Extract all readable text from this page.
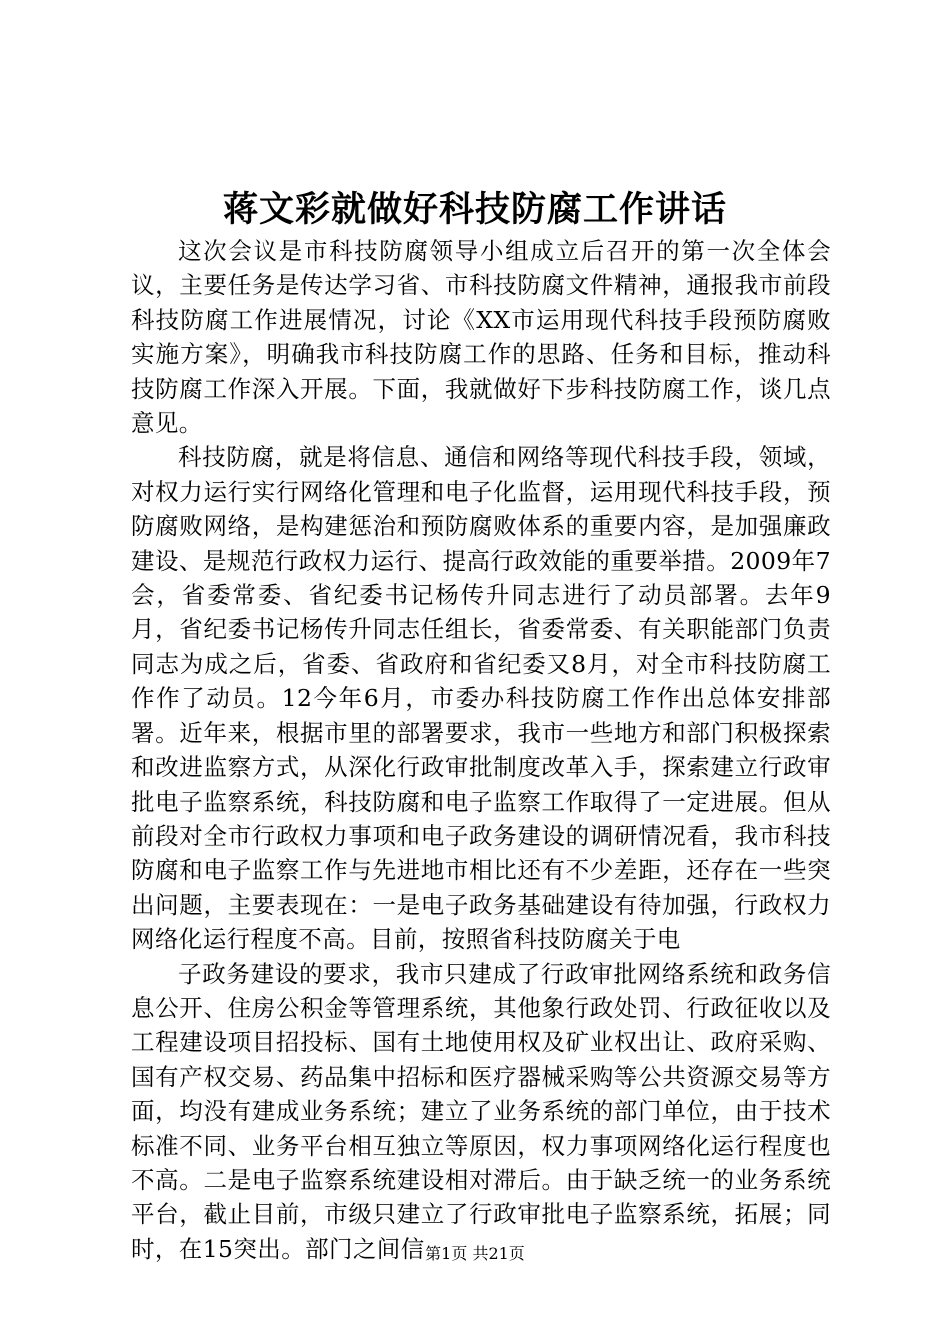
蒋文彩就做好科技防腐工作讲话

这次会议是市科技防腐领导小组成立后召开的第一次全体会议，主要任务是传达学习省、市科技防腐文件精神，通报我市前段科技防腐工作进展情况，讨论《XX市运用现代科技手段预防腐败实施方案》，明确我市科技防腐工作的思路、任务和目标，推动科技防腐工作深入开展。下面，我就做好下步科技防腐工作，谈几点意见。

科技防腐，就是将信息、通信和网络等现代科技手段，领域，对权力运行实行网络化管理和电子化监督，运用现代科技手段，预防腐败网络，是构建惩治和预防腐败体系的重要内容，是加强廉政建设、是规范行政权力运行、提高行政效能的重要举措。2009年7会，省委常委、省纪委书记杨传升同志进行了动员部署。去年9月，省纪委书记杨传升同志任组长，省委常委、有关职能部门负责同志为成之后，省委、省政府和省纪委又8月，对全市科技防腐工作作了动员。12今年6月，市委办科技防腐工作作出总体安排部署。近年来，根据市里的部署要求，我市一些地方和部门积极探索和改进监察方式，从深化行政审批制度改革入手，探索建立行政审批电子监察系统，科技防腐和电子监察工作取得了一定进展。但从前段对全市行政权力事项和电子政务建设的调研情况看，我市科技防腐和电子监察工作与先进地市相比还有不少差距，还存在一些突出问题，主要表现在：一是电子政务基础建设有待加强，行政权力网络化运行程度不高。目前，按照省科技防腐关于电

子政务建设的要求，我市只建成了行政审批网络系统和政务信息公开、住房公积金等管理系统，其他象行政处罚、行政征收以及工程建设项目招投标、国有土地使用权及矿业权出让、政府采购、国有产权交易、药品集中招标和医疗器械采购等公共资源交易等方面，均没有建成业务系统；建立了业务系统的部门单位，由于技术标准不同、业务平台相互独立等原因，权力事项网络化运行程度也不高。二是电子监察系统建设相对滞后。由于缺乏统一的业务系统平台，截止目前，市级只建立了行政审批电子监察系统，拓展；同时，在15突出。部门之间信 第1页 共21页
